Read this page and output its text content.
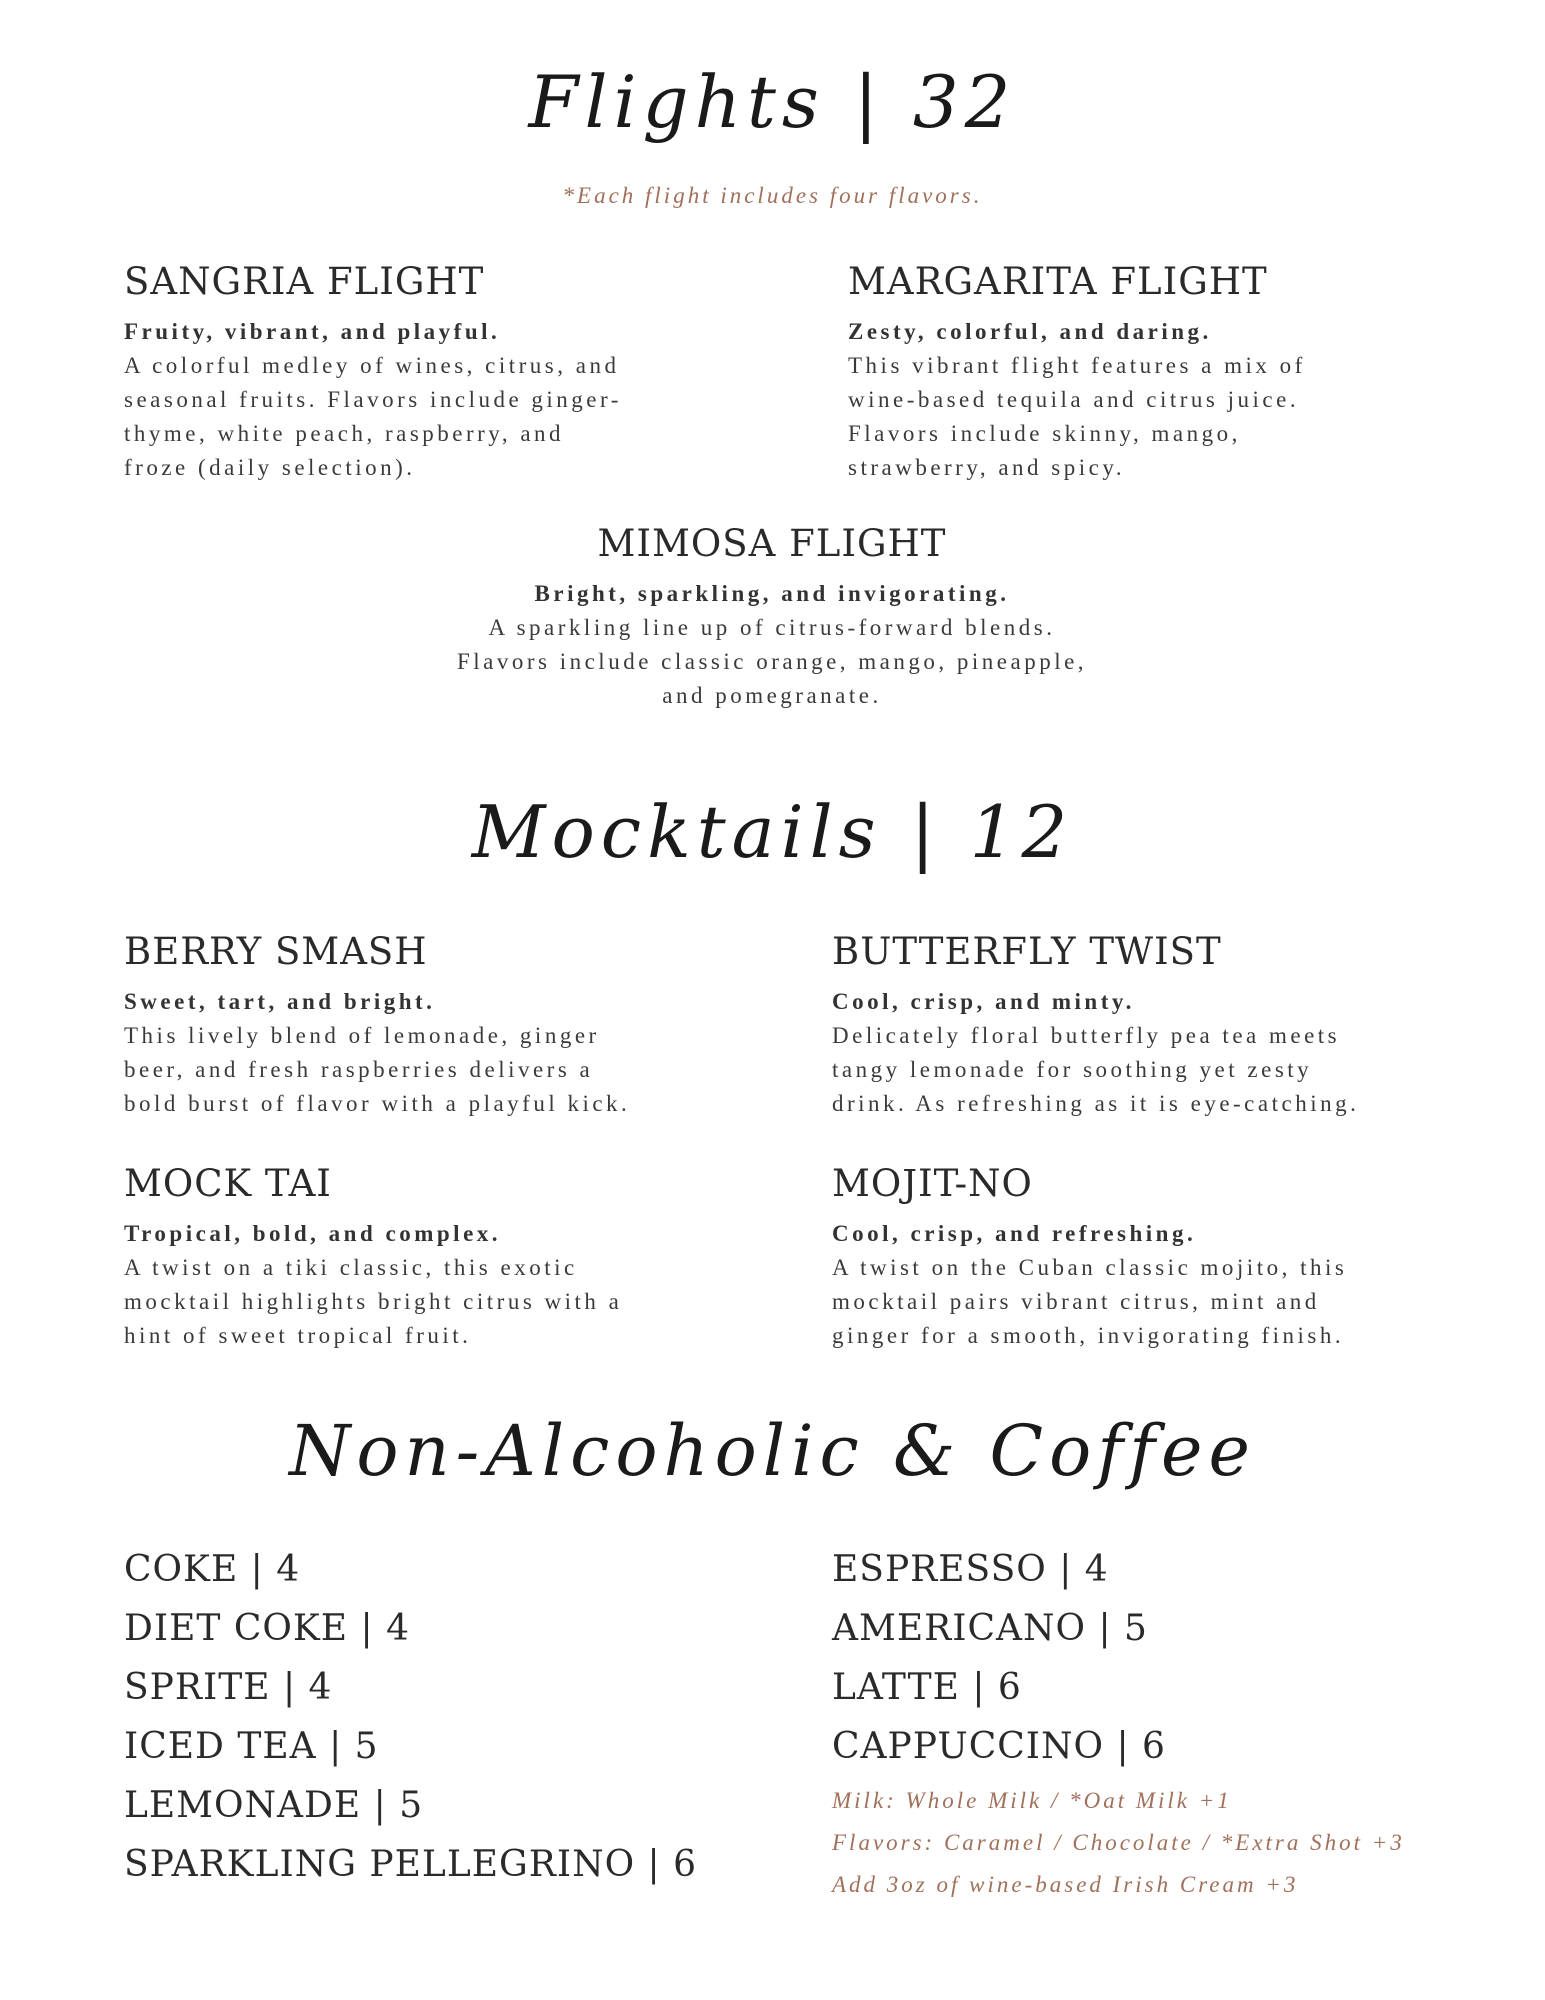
Flights | 32
*Each flight includes four flavors.
SANGRIA FLIGHT

Fruity, vibrant, and playful.

A colorful medley of wines, citrus, and

seasonal fruits. Flavors include ginger-

thyme, white peach, raspberry, and

froze (daily selection).

MARGARITA FLIGHT

Zesty, colorful, and daring.

This vibrant flight features a mix of

wine-based tequila and citrus juice.

Flavors include skinny, mango,

strawberry, and spicy.

MIMOSA FLIGHT

Bright, sparkling, and invigorating.

A sparkling line up of citrus-forward blends.

Flavors include classic orange, mango, pineapple,

and pomegranate.

Mocktails | 12
BERRY SMASH

Sweet, tart, and bright.

This lively blend of lemonade, ginger

beer, and fresh raspberries delivers a

bold burst of flavor with a playful kick.

BUTTERFLY TWIST

Cool, crisp, and minty.

Delicately floral butterfly pea tea meets

tangy lemonade for soothing yet zesty

drink. As refreshing as it is eye-catching.

MOCK TAI

Tropical, bold, and complex.

A twist on a tiki classic, this exotic

mocktail highlights bright citrus with a

hint of sweet tropical fruit.

MOJIT-NO

Cool, crisp, and refreshing.

A twist on the Cuban classic mojito, this

mocktail pairs vibrant citrus, mint and

ginger for a smooth, invigorating finish.

Non-Alcoholic & Coffee
COKE | 4
DIET COKE | 4
SPRITE | 4
ICED TEA | 5
LEMONADE | 5
SPARKLING PELLEGRINO | 6
ESPRESSO | 4
AMERICANO | 5
LATTE | 6
CAPPUCCINO | 6
Milk: Whole Milk / *Oat Milk +1
Flavors: Caramel / Chocolate / *Extra Shot +3
Add 3oz of wine-based Irish Cream +3
